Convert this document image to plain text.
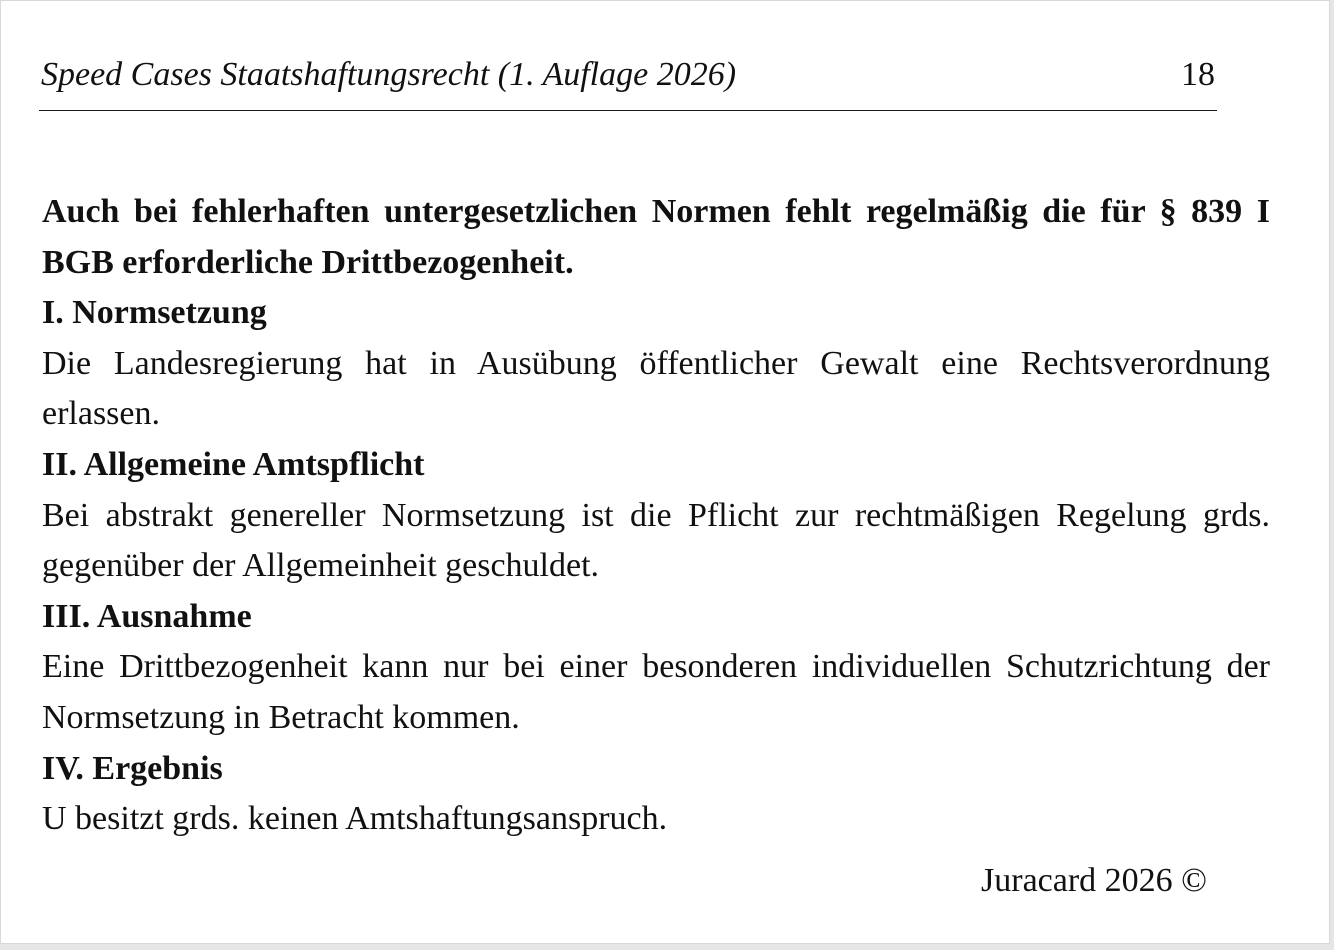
Speed Cases Staatshaftungsrecht (1. Auflage 2026)	18

Auch bei fehlerhaften untergesetzlichen Normen fehlt regelmäßig die für § 839 I BGB erforderliche Drittbezogenheit.

I. Normsetzung

Die Landesregierung hat in Ausübung öffentlicher Gewalt eine Rechtsverordnung erlassen.

II. Allgemeine Amtspflicht

Bei abstrakt genereller Normsetzung ist die Pflicht zur rechtmäßigen Regelung grds. gegenüber der Allgemeinheit geschuldet.

III. Ausnahme

Eine Drittbezogenheit kann nur bei einer besonderen individuellen Schutzrichtung der Normsetzung in Betracht kommen.

IV. Ergebnis

U besitzt grds. keinen Amtshaftungsanspruch.

Juracard 2026 ©
